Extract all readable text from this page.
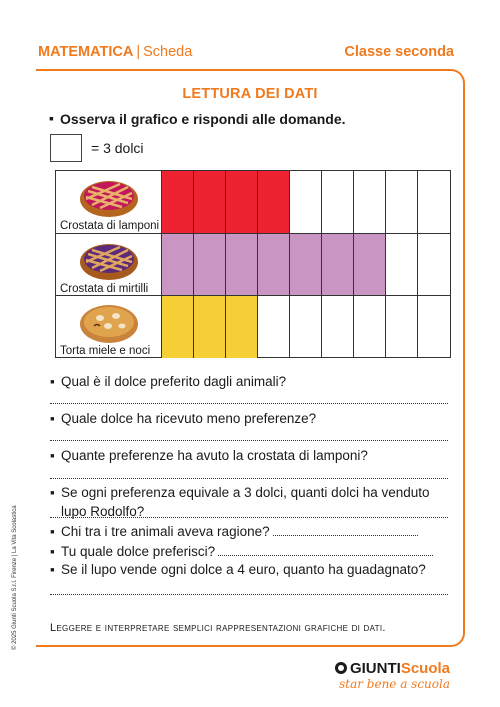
MATEMATICA | Scheda	Classe seconda
LETTURA DEI DATI
▪ Osserva il grafico e rispondi alle domande.
= 3 dolci
Crostata di lamponi
Crostata di mirtilli
Torta miele e noci
Qual è il dolce preferito dagli animali?
Quale dolce ha ricevuto meno preferenze?
Quante preferenze ha avuto la crostata di lamponi?
Se ogni preferenza equivale a 3 dolci, quanti dolci ha venduto
lupo Rodolfo?
Chi tra i tre animali aveva ragione?
Tu quale dolce preferisci?
Se il lupo vende ogni dolce a 4 euro, quanto ha guadagnato?
Leggere e interpretare semplici rappresentazioni grafiche di dati.
© 2025 Giunti Scuola S.r.l. Firenze | La Vita Scolastica
GIUNTIScuola
star bene a scuola
